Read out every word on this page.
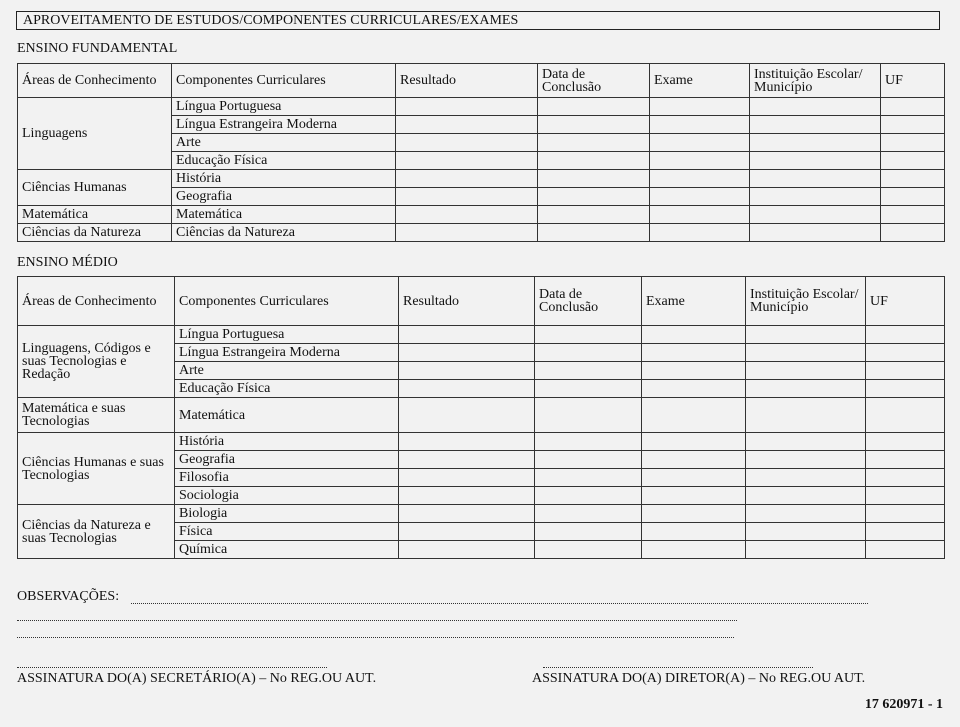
APROVEITAMENTO DE ESTUDOS/COMPONENTES CURRICULARES/EXAMES
ENSINO FUNDAMENTAL
Áreas de Conhecimento	Componentes Curriculares	Resultado	Data de Conclusão	Exame	Instituição Escolar/ Município	UF
Linguagens	Língua Portuguesa					
	Língua Estrangeira Moderna					
	Arte					
	Educação Física					
Ciências Humanas	História					
	Geografia					
Matemática	Matemática					
Ciências da Natureza	Ciências da Natureza					
ENSINO MÉDIO
Áreas de Conhecimento	Componentes Curriculares	Resultado	Data de Conclusão	Exame	Instituição Escolar/ Município	UF
Linguagens, Códigos e suas Tecnologias e Redação	Língua Portuguesa					
	Língua Estrangeira Moderna					
	Arte					
	Educação Física					
Matemática e suas Tecnologias	Matemática					
Ciências Humanas e suas Tecnologias	História					
	Geografia					
	Filosofia					
	Sociologia					
Ciências da Natureza e suas Tecnologias	Biologia					
	Física					
	Química					
OBSERVAÇÕES:
ASSINATURA DO(A) SECRETÁRIO(A) – No REG.OU AUT.	ASSINATURA DO(A) DIRETOR(A) – No REG.OU AUT.
17 620971 - 1
